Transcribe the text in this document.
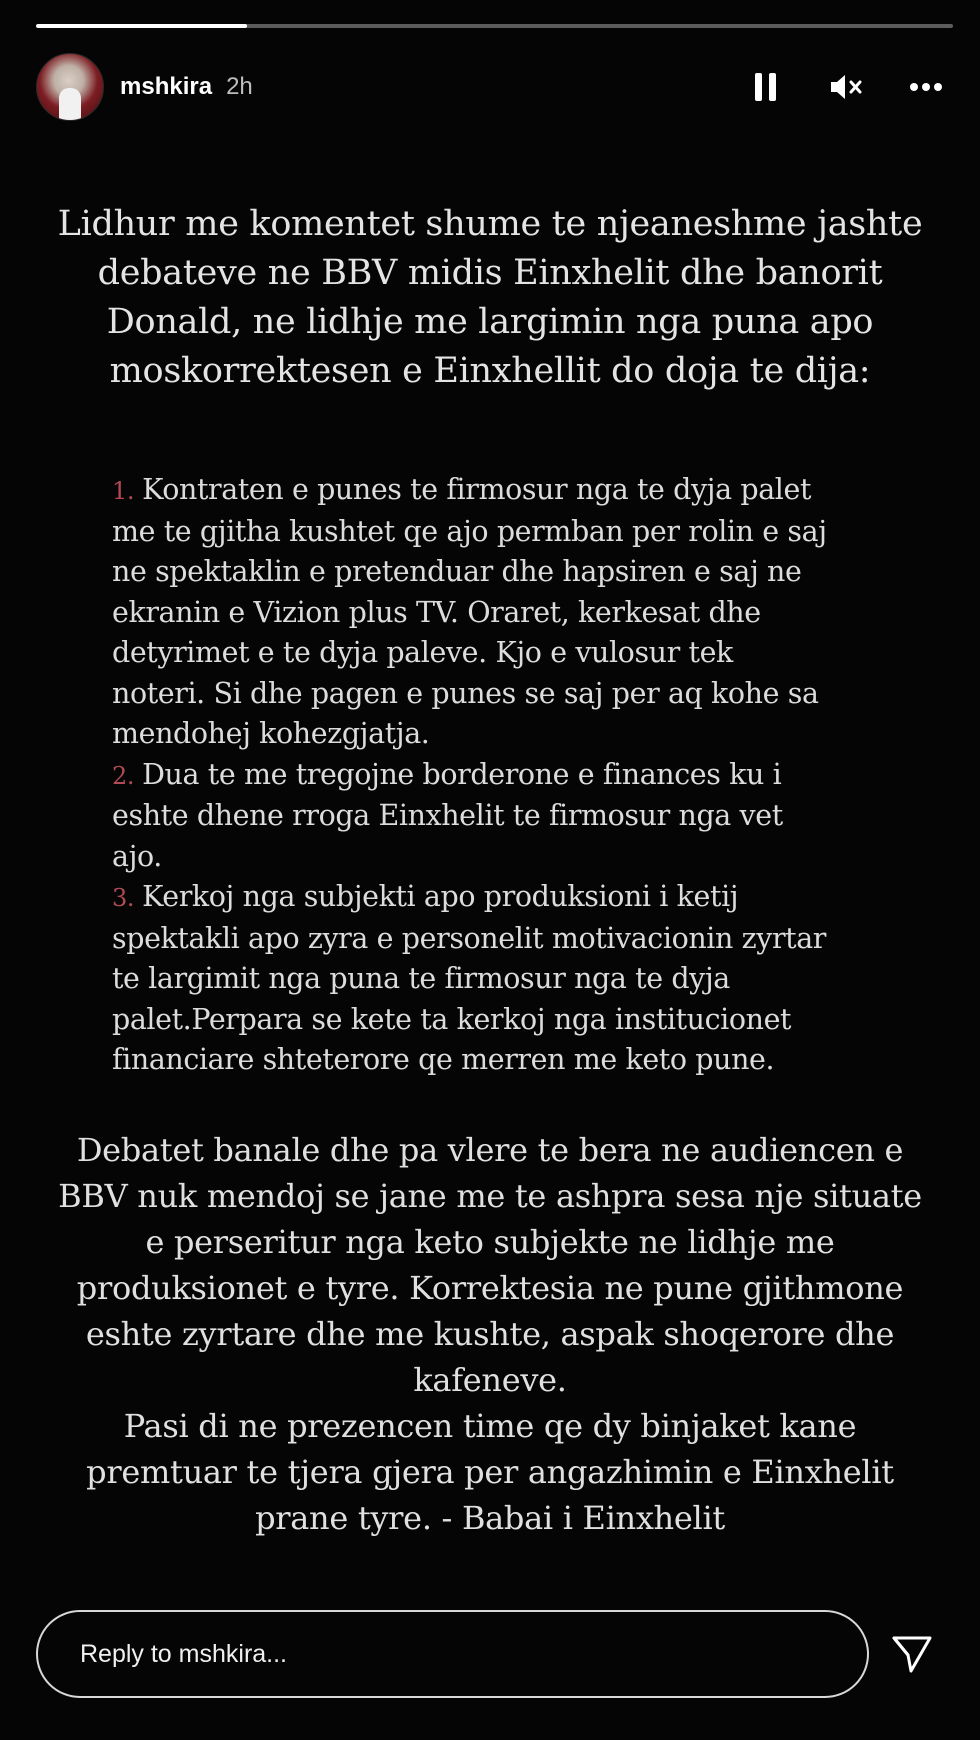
mshkira 2h
Lidhur me komentet shume te njeaneshme jashte
debateve ne BBV midis Einxhelit dhe banorit
Donald, ne lidhje me largimin nga puna apo
moskorrektesen e Einxhellit do doja te dija:
1. Kontraten e punes te firmosur nga te dyja palet
me te gjitha kushtet qe ajo permban per rolin e saj
ne spektaklin e pretenduar dhe hapsiren e saj ne
ekranin e Vizion plus TV. Oraret, kerkesat dhe
detyrimet e te dyja paleve. Kjo e vulosur tek
noteri. Si dhe pagen e punes se saj per aq kohe sa
mendohej kohezgjatja.
2. Dua te me tregojne borderone e finances ku i
eshte dhene rroga Einxhelit te firmosur nga vet
ajo.
3. Kerkoj nga subjekti apo produksioni i ketij
spektakli apo zyra e personelit motivacionin zyrtar
te largimit nga puna te firmosur nga te dyja
palet.Perpara se kete ta kerkoj nga institucionet
financiare shteterore qe merren me keto pune.
Debatet banale dhe pa vlere te bera ne audiencen e
BBV nuk mendoj se jane me te ashpra sesa nje situate
e perseritur nga keto subjekte ne lidhje me
produksionet e tyre. Korrektesia ne pune gjithmone
eshte zyrtare dhe me kushte, aspak shoqerore dhe
kafeneve.
Pasi di ne prezencen time qe dy binjaket kane
premtuar te tjera gjera per angazhimin e Einxhelit
prane tyre. - Babai i Einxhelit
Reply to mshkira...
